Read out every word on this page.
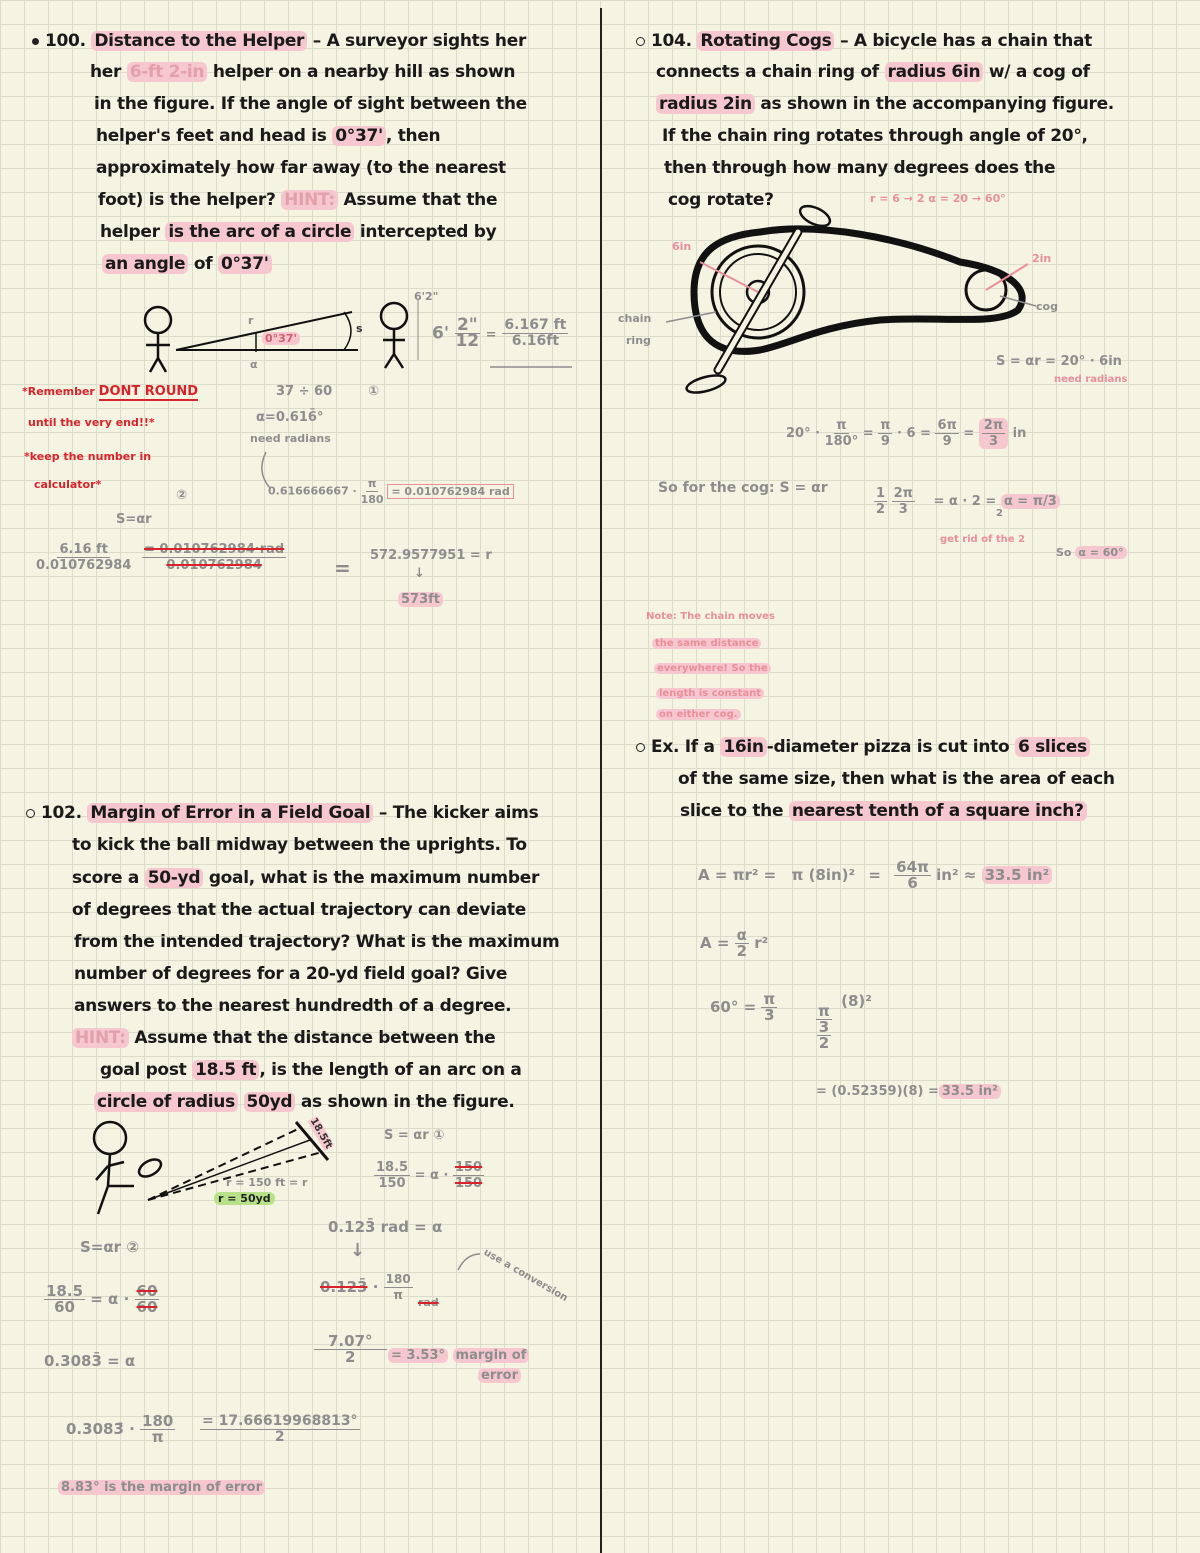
100. Distance to the Helper – A surveyor sights her
her 6-ft 2-in helper on a nearby hill as shown
in the figure. If the angle of sight between the
helper's feet and head is 0°37' , then
approximately how far away (to the nearest
foot) is the helper? HINT: Assume that the
helper is the arc of a circle intercepted by
an angle of 0°37'
r
0°37'
s
α
6'2"
$6' \frac{2"}{12} = \frac{6.167 ft}{6.16ft}$
*Remember DONT ROUND
until the very end!!*
*keep the number in
calculator*
37 ÷ 60	①
α=0.616̄°
need radians
$0.616666667 \cdot \frac{\pi}{180} = 0.010762984$ rad
②
S=αr
$\frac{6.16 ft}{0.010762984} \frac{\text{= 0.010762984·rad}}{0.010762984}$ =
572.9577951 = r
↓
573ft
102. Margin of Error in a Field Goal – The kicker aims
to kick the ball midway between the uprights. To
score a 50-yd goal, what is the maximum number
of degrees that the actual trajectory can deviate
from the intended trajectory? What is the maximum
number of degrees for a 20-yd field goal? Give
answers to the nearest hundredth of a degree.
HINT: Assume that the distance between the
goal post 18.5 ft , is the length of an arc on a
circle of radius 50yd as shown in the figure.
18.5ft
r = 150 ft = r
r = 50yd
S = αr ①
$\frac{18.5}{150} = \alpha \cdot \frac{150}{150}$
0.123̄ rad = α
↓
0.123̄ · $\frac{180}{\pi} _{rad}$	use a conversion
$\frac{7.07^\circ}{2} = 3.53^\circ$ margin of
error
S=αr ②
$\frac{18.5}{60} = \alpha \cdot \frac{60}{60}$
0.3083̄ = α
0.3083̄ · $\frac{180}{\pi} \frac{= 17.66619968813^\circ}{2}$
8.83° is the margin of error
104. Rotating Cogs – A bicycle has a chain that
connects a chain ring of radius 6in w/ a cog of
radius 2in as shown in the accompanying figure.
If the chain ring rotates through angle of 20°,
then through how many degrees does the
cog rotate?	r = 6 → 2 α = 20 → 60°
6in
2in
cog
chain
ring
S = αr = 20° · 6in
need radians
$20^\circ \cdot \frac{\pi}{180^\circ} = \frac{\pi}{9} \cdot 6 = \frac{6\pi}{9} = \frac{2\pi}{3}$ in
So for the cog: S = αr	$\frac{1}{2}$
$\frac{2\pi}{3} = \alpha \cdot 2 = \alpha = \pi/3$
2
get rid of the 2
So α = 60°
Note: The chain moves
the same distance
everywhere! So the
length is constant
on either cog.
Ex. If a 16in -diameter pizza is cut into 6 slices
of the same size, then what is the area of each
slice to the nearest tenth of a square inch?
A = πr² = π $(8in)^2 = \frac{64\pi}{6} in^2 \approx 33.5$ in²
$A = \frac{\alpha}{2} r^2$
$60^\circ = \frac{\pi}{3}$	π
3
2
(8)²
= (0.52359)(8) = 33.5 in²
